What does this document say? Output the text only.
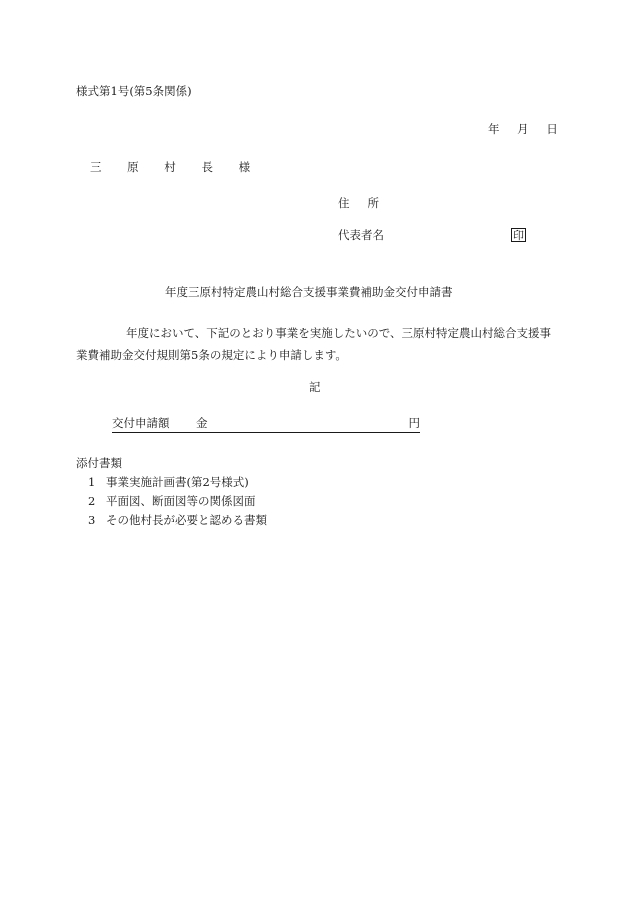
様式第1号(第5条関係)
年 月 日
三 原 村 長 様
住所
代表者名	印
年度三原村特定農山村総合支援事業費補助金交付申請書
年度において、下記のとおり事業を実施したいので、三原村特定農山村総合支援事業費補助金交付規則第5条の規定により申請します。
記
交付申請額 金	円
添付書類
1 事業実施計画書(第2号様式)
2 平面図、断面図等の関係図面
3 その他村長が必要と認める書類
